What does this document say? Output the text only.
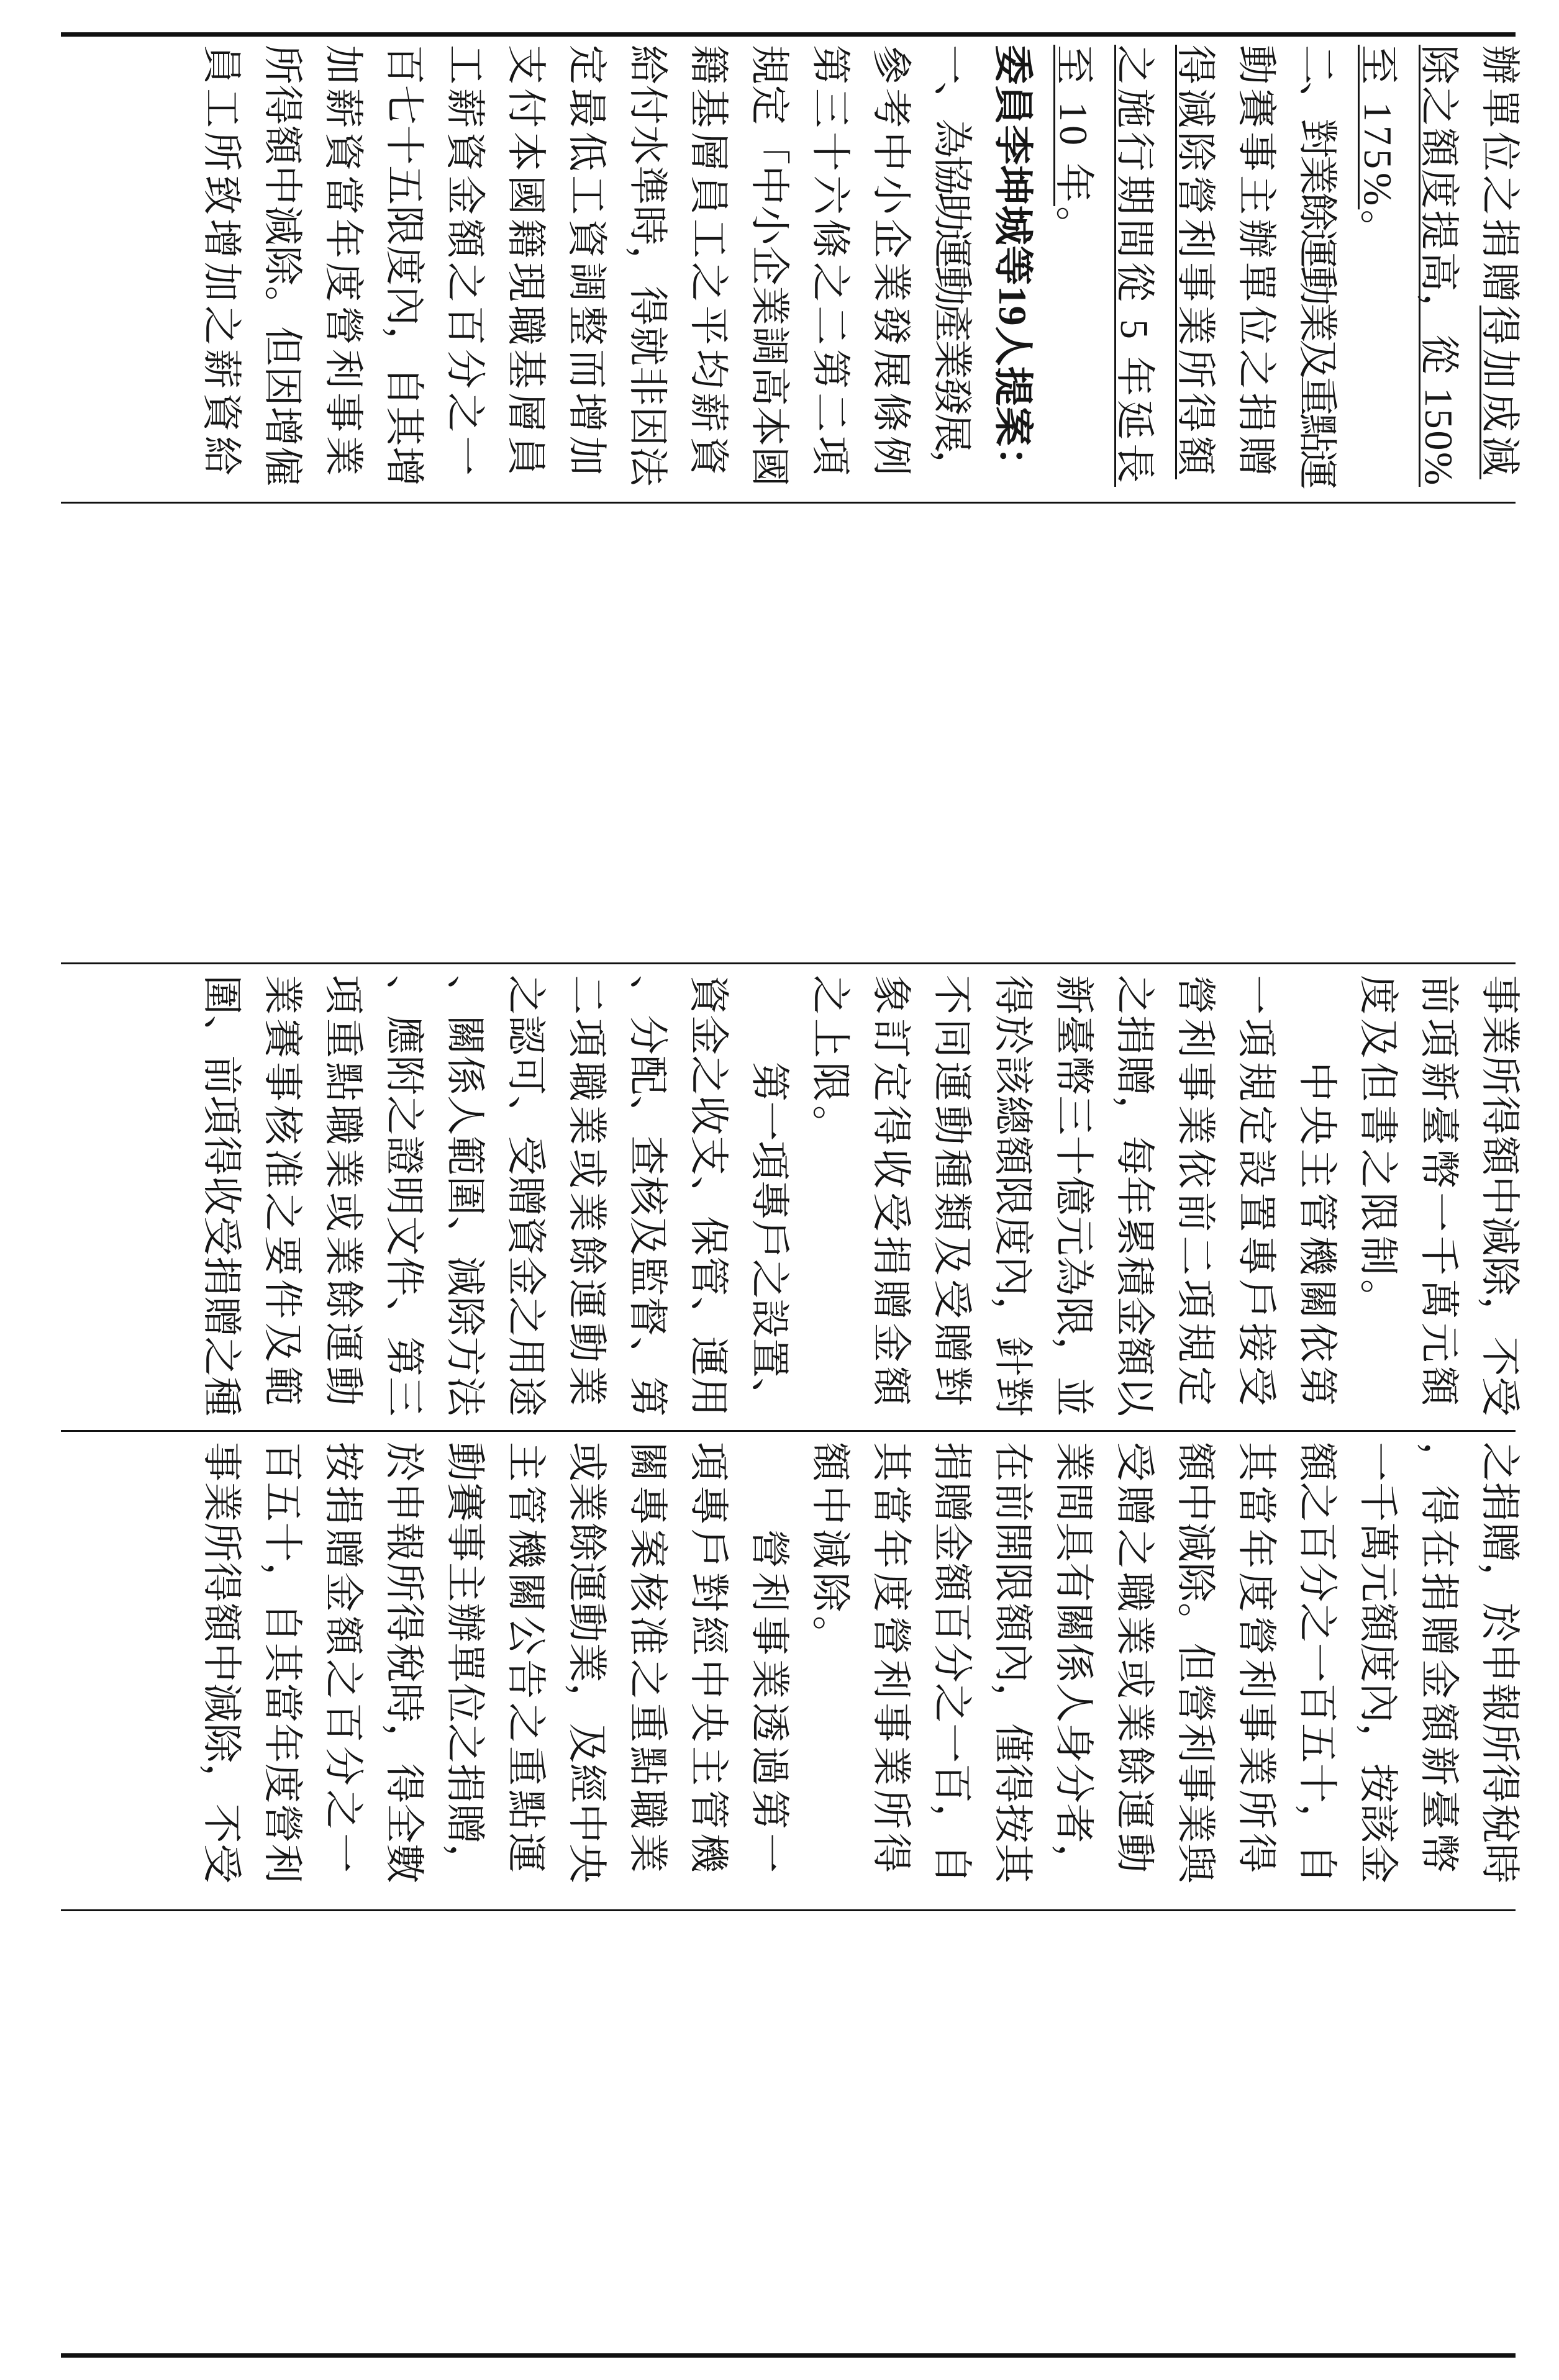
辦單位之捐贈得加成減
除之額度提高，從 150%
至 175%。
二、對業餘運動業及重點運
動賽事主辦單位之捐贈
得減除營利事業所得額
之施行期間從 5 年延長
至 10 年。
委員李坤城等19人提案：
一、為協助運動產業發展，
參考中小企業發展條例
第三十六條之二第二項
規定「中小企業調高本國
籍基層員工之平均薪資
給付水準時，得就非因法
定最低工資調整而增加
支付本國籍現職基層員
工薪資金額之百分之一
百七十五限度內，自其增
加薪資當年度營利事業
所得額中減除。但因增僱
員工所致增加之薪資給
事業所得額中減除，不受
前項新臺幣一千萬元額
度及但書之限制。
中央主管機關依第
一項規定設置專戶接受
營利事業依前二項規定
之捐贈，每年累積金額以
新臺幣三十億元為限，並
得於該總額限度內，針對
不同運動種類及受贈對
象訂定得收受捐贈金額
之上限。
第一項專戶之設置、
資金之收支、保管、運用
、分配、查核及監督、第
二項職業或業餘運動業
之認可、受贈資金之用途
、關係人範圍、減除方法
、應附之證明文件、第三
項重點職業或業餘運動
業賽事核准之要件及範
圍、前項得收受捐贈之種
之捐贈，於申報所得稅時
，得在捐贈金額新臺幣
一千萬元額度內，按該金
額之百分之一百五十，自
其當年度營利事業所得
額中減除。但營利事業與
受贈之職業或業餘運動
業間具有關係人身分者，
在前開限額內，僅得按其
捐贈金額百分之一百，自
其當年度營利事業所得
額中減除。
營利事業透過第一
項專戶對經中央主管機
關專案核准之重點職業
或業餘運動業，及經中央
主管機關公告之重點運
動賽事主辦單位之捐贈，
於申報所得稅時，得全數
按捐贈金額之百分之一
百五十，自其當年度營利
事業所得額中減除，不受
